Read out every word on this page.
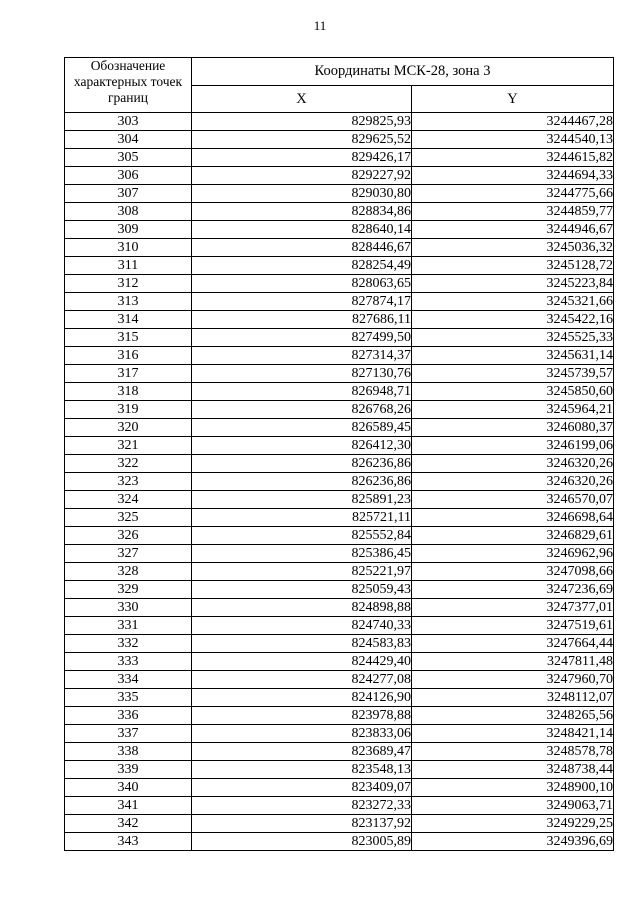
11
Обозначение характерных точек границ	Координаты МСК-28, зона 3	
	X	Y
303	829825,93	3244467,28
304	829625,52	3244540,13
305	829426,17	3244615,82
306	829227,92	3244694,33
307	829030,80	3244775,66
308	828834,86	3244859,77
309	828640,14	3244946,67
310	828446,67	3245036,32
311	828254,49	3245128,72
312	828063,65	3245223,84
313	827874,17	3245321,66
314	827686,11	3245422,16
315	827499,50	3245525,33
316	827314,37	3245631,14
317	827130,76	3245739,57
318	826948,71	3245850,60
319	826768,26	3245964,21
320	826589,45	3246080,37
321	826412,30	3246199,06
322	826236,86	3246320,26
323	826236,86	3246320,26
324	825891,23	3246570,07
325	825721,11	3246698,64
326	825552,84	3246829,61
327	825386,45	3246962,96
328	825221,97	3247098,66
329	825059,43	3247236,69
330	824898,88	3247377,01
331	824740,33	3247519,61
332	824583,83	3247664,44
333	824429,40	3247811,48
334	824277,08	3247960,70
335	824126,90	3248112,07
336	823978,88	3248265,56
337	823833,06	3248421,14
338	823689,47	3248578,78
339	823548,13	3248738,44
340	823409,07	3248900,10
341	823272,33	3249063,71
342	823137,92	3249229,25
343	823005,89	3249396,69
